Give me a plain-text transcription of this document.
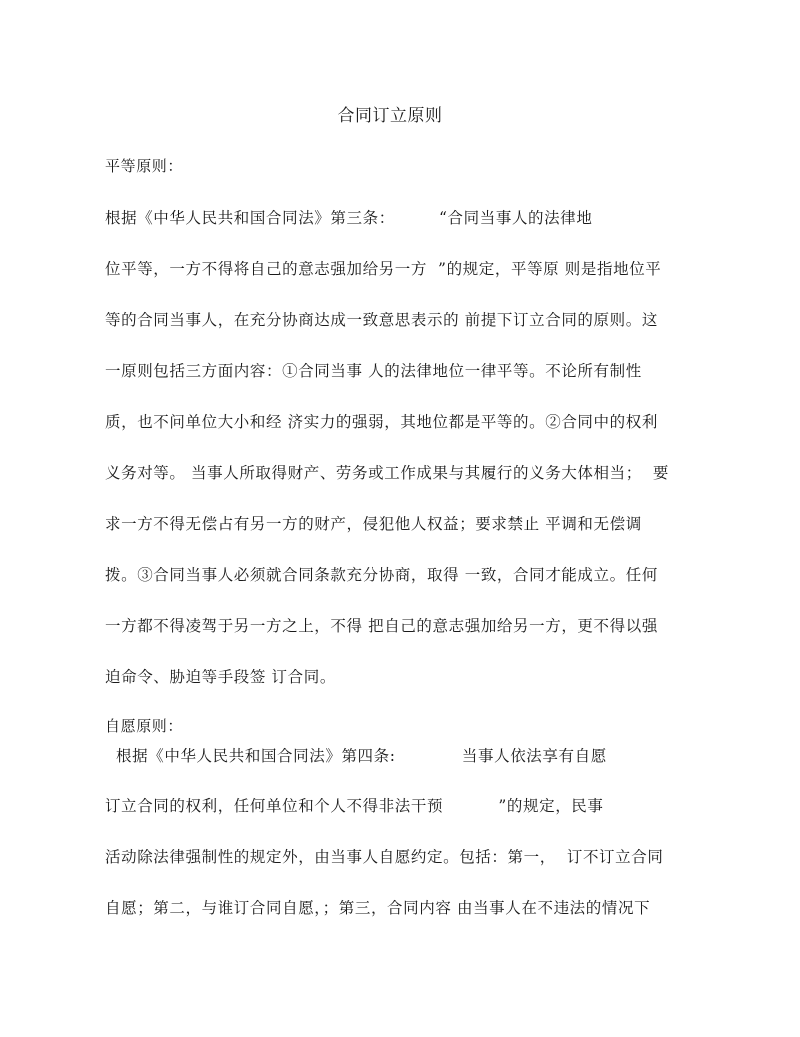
合同订立原则
平等原则：
根据《中华人民共和国合同法》第三条：        “合同当事人的法律地
位平等，一方不得将自己的意志强加给另一方  ”的规定，平等原 则是指地位平
等的合同当事人，在充分协商达成一致意思表示的 前提下订立合同的原则。这
一原则包括三方面内容：①合同当事 人的法律地位一律平等。不论所有制性
质，也不问单位大小和经 济实力的强弱，其地位都是平等的。②合同中的权利
义务对等。 当事人所取得财产、劳务或工作成果与其履行的义务大体相当；  要
求一方不得无偿占有另一方的财产，侵犯他人权益；要求禁止 平调和无偿调
拨。③合同当事人必须就合同条款充分协商，取得 一致，合同才能成立。任何
一方都不得凌驾于另一方之上，不得 把自己的意志强加给另一方，更不得以强
迫命令、胁迫等手段签 订合同。
自愿原则：
根据《中华人民共和国合同法》第四条:            当事人依法享有自愿
订立合同的权利，任何单位和个人不得非法干预          ”的规定，民事
活动除法律强制性的规定外，由当事人自愿约定。包括：第一，  订不订立合同
自愿；第二，与谁订合同自愿，；第三，合同内容 由当事人在不违法的情况下
